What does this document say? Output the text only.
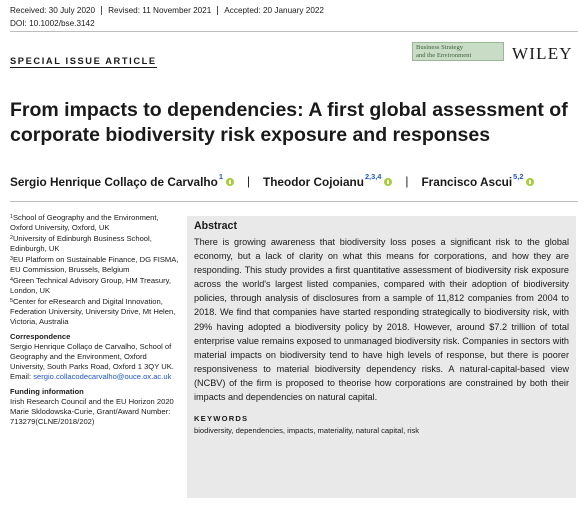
Received: 30 July 2020 Revised: 11 November 2021 Accepted: 20 January 2022
DOI: 10.1002/bse.3142
SPECIAL ISSUE ARTICLE
Business Strategy
and the Environment	WILEY
From impacts to dependencies: A first global assessment of corporate biodiversity risk exposure and responses
Sergio Henrique Collaço de Carvalho$^1$	| Theodor Cojoianu$^{2,3,4}$	| Francisco Ascui$^{5,2}$
$^1$School of Geography and the Environment, Oxford University, Oxford, UK
$^2$University of Edinburgh Business School, Edinburgh, UK
$^3$EU Platform on Sustainable Finance, DG FISMA, EU Commission, Brussels, Belgium
$^4$Green Technical Advisory Group, HM Treasury, London, UK
$^5$Center for eResearch and Digital Innovation, Federation University, University Drive, Mt Helen, Victoria, Australia
Correspondence
Sergio Henrique Collaço de Carvalho, School of Geography and the Environment, Oxford University, South Parks Road, Oxford 1 3QY UK.
Email: sergio.collacodecarvalho@ouce.ox.ac.uk
Funding information
Irish Research Council and the EU Horizon 2020 Marie Sklodowska-Curie, Grant/Award Number: 713279(CLNE/2018/202)
Abstract
There is growing awareness that biodiversity loss poses a significant risk to the global economy, but a lack of clarity on what this means for corporations, and how they are responding. This study provides a first quantitative assessment of biodiversity risk exposure across the world's largest listed companies, compared with their adoption of biodiversity policies, through analysis of disclosures from a sample of 11,812 companies from 2004 to 2018. We find that companies have started responding strategically to biodiversity risk, with 29% having adopted a biodiversity policy by 2018. However, around $7.2 trillion of total enterprise value remains exposed to unmanaged biodiversity risk. Companies in sectors with material impacts on biodiversity tend to have high levels of response, but there is poorer responsiveness to material biodiversity dependency risks. A natural-capital-based view (NCBV) of the firm is proposed to theorise how corporations are constrained by both their impacts and dependencies on natural capital.
KEYWORDS
biodiversity, dependencies, impacts, materiality, natural capital, risk
